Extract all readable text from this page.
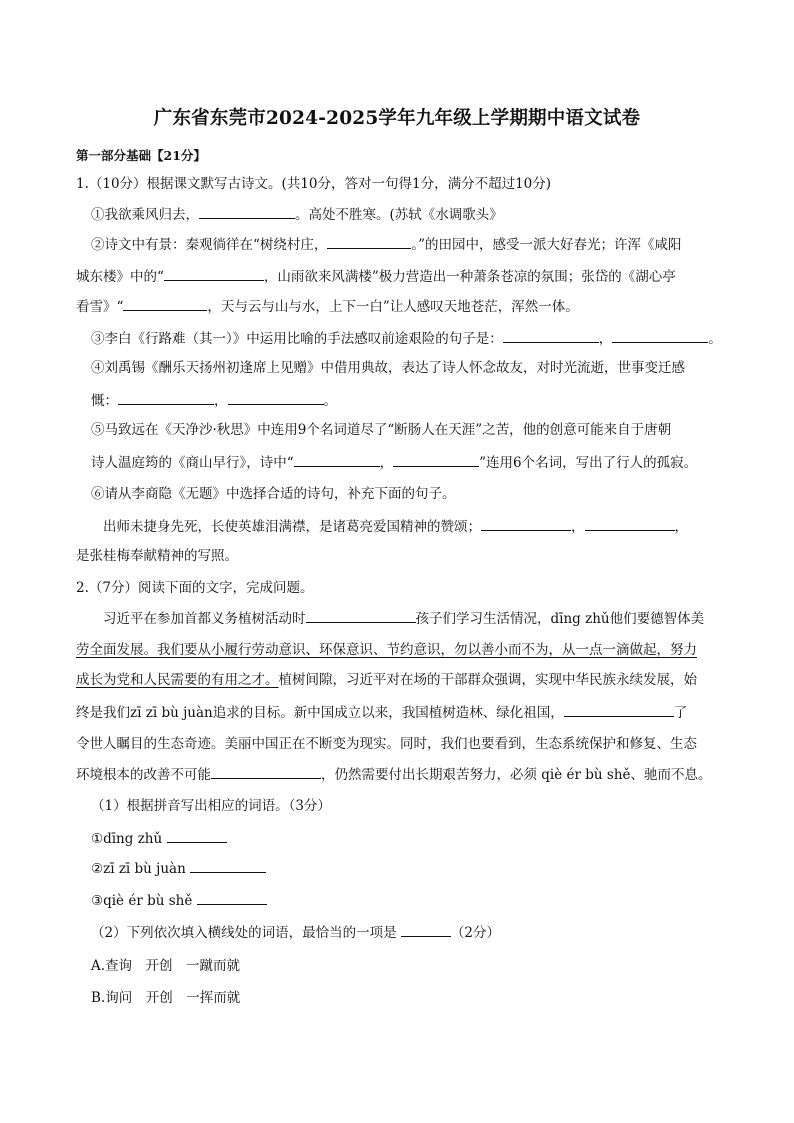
广东省东莞市2024-2025学年九年级上学期期中语文试卷
第一部分基础【21分】
1.（10分）根据课文默写古诗文。(共10分，答对一句得1分，满分不超过10分)
①我欲乘风归去，	。高处不胜寒。(苏轼《水调歌头》
②诗文中有景：秦观徜徉在“树绕村庄，	。”的田园中，感受一派大好春光；许浑《咸阳
城东楼》中的“	，山雨欲来风满楼”极力营造出一种萧条苍凉的氛围；张岱的《湖心亭
看雪》“	，天与云与山与水，上下一白”让人感叹天地苍茫，浑然一体。
③李白《行路难（其一）》中运用比喻的手法感叹前途艰险的句子是：	，	。
④刘禹锡《酬乐天扬州初逢席上见赠》中借用典故，表达了诗人怀念故友，对时光流逝，世事变迁感
慨：	，	。
⑤马致远在《天净沙·秋思》中连用9个名词道尽了“断肠人在天涯”之苦，他的创意可能来自于唐朝
诗人温庭筠的《商山早行》，诗中“	，	”连用6个名词，写出了行人的孤寂。
⑥请从李商隐《无题》中选择合适的诗句，补充下面的句子。
出师未捷身先死，长使英雄泪满襟，是诸葛亮爱国精神的赞颂；	，	，
是张桂梅奉献精神的写照。
2.（7分）阅读下面的文字，完成问题。
习近平在参加首都义务植树活动时	孩子们学习生活情况，dīng zhǔ他们要德智体美
劳全面发展。我们要从小履行劳动意识、环保意识、节约意识，勿以善小而不为，从一点一滴做起，努力
成长为党和人民需要的有用之才。植树间隙，习近平对在场的干部群众强调，实现中华民族永续发展，始
终是我们zī zī bù juàn追求的目标。新中国成立以来，我国植树造林、绿化祖国，	了
令世人瞩目的生态奇迹。美丽中国正在不断变为现实。同时，我们也要看到，生态系统保护和修复、生态
环境根本的改善不可能	，仍然需要付出长期艰苦努力，必须 qiè ér bù shě、驰而不息。
（1）根据拼音写出相应的词语。（3分）
①dīng zhǔ
②zī zī bù juàn
③qiè ér bù shě
（2）下列依次填入横线处的词语，最恰当的一项是	（2分）
A.查询　开创　一蹴而就
B.询问　开创　一挥而就
